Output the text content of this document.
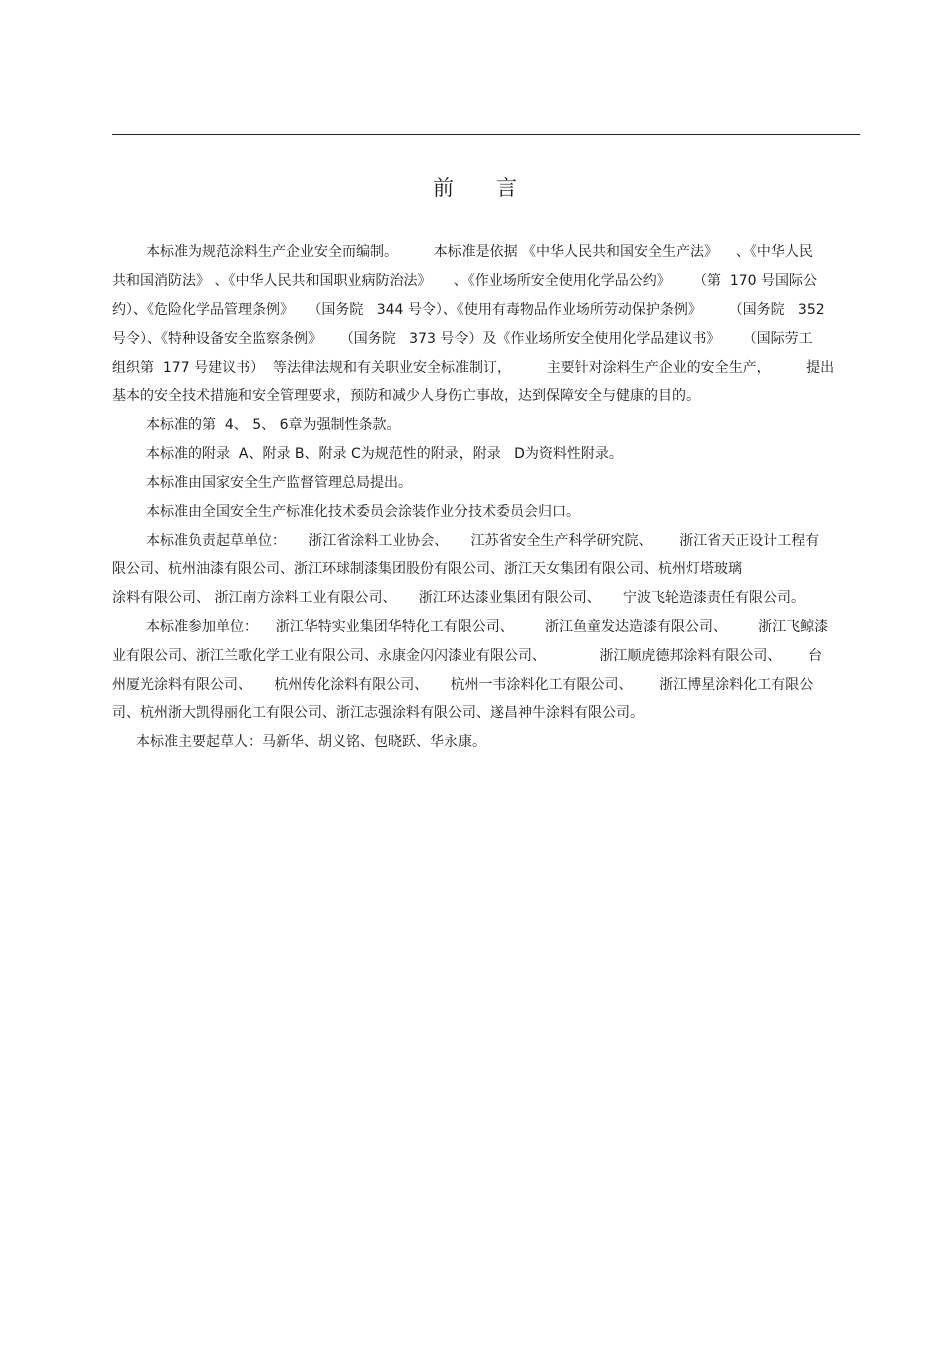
前言
本标准为规范涂料生产企业安全而编制。        本标准是依据 《中华人民共和国安全生产法》    、《中华人民
共和国消防法》 、《中华人民共和国职业病防治法》     、《作业场所安全使用化学品公约》     （第  170 号国际公
约）、《危险化学品管理条例》   （国务院   344 号令）、《使用有毒物品作业场所劳动保护条例》      （国务院   352
号令）、《特种设备安全监察条例》    （国务院   373 号令）及《作业场所安全使用化学品建议书》     （国际劳工
组织第  177 号建议书）  等法律法规和有关职业安全标准制订，        主要针对涂料生产企业的安全生产，        提出
基本的安全技术措施和安全管理要求，预防和减少人身伤亡事故，达到保障安全与健康的目的。
本标准的第  4、 5、 6章为强制性条款。
本标准的附录  A、附录 B、附录 C为规范性的附录，附录   D为资料性附录。
本标准由国家安全生产监督管理总局提出。
本标准由全国安全生产标准化技术委员会涂装作业分技术委员会归口。
本标准负责起草单位：     浙江省涂料工业协会、     江苏省安全生产科学研究院、      浙江省天正设计工程有
限公司、杭州油漆有限公司、浙江环球制漆集团股份有限公司、浙江天女集团有限公司、杭州灯塔玻璃
涂料有限公司、 浙江南方涂料工业有限公司、     浙江环达漆业集团有限公司、     宁波飞轮造漆责任有限公司。
本标准参加单位：    浙江华特实业集团华特化工有限公司、       浙江鱼童发达造漆有限公司、       浙江飞鲸漆
业有限公司、浙江兰歌化学工业有限公司、永康金闪闪漆业有限公司、            浙江顺虎德邦涂料有限公司、      台
州厦光涂料有限公司、     杭州传化涂料有限公司、     杭州一韦涂料化工有限公司、      浙江博星涂料化工有限公
司、杭州浙大凯得丽化工有限公司、浙江志强涂料有限公司、遂昌神牛涂料有限公司。
本标准主要起草人：马新华、胡义铭、包晓跃、华永康。
